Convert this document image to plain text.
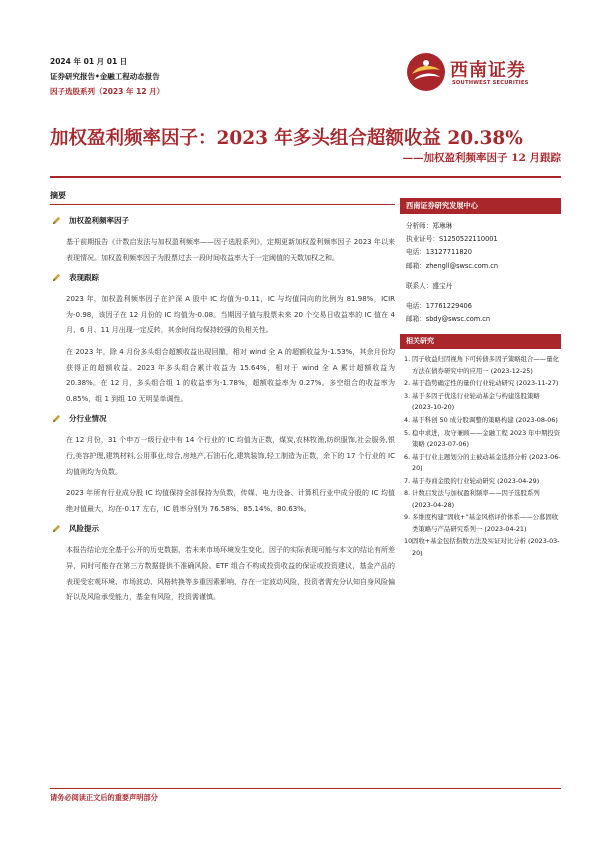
2024 年 01 月 01 日
证券研究报告•金融工程动态报告
因子选股系列（2023 年 12 月）
西南证券
SOUTHWEST SECURITIES
加权盈利频率因子：2023 年多头组合超额收益 20.38%
——加权盈利频率因子 12 月跟踪
摘要
加权盈利频率因子

基于前期报告《计数启发法与加权盈利频率——因子选股系列》，定期更新加权盈利频率因子 2023 年以来表现情况。加权盈利频率因子为股票过去一段时间收益率大于一定阈值的天数加权之和。

表现跟踪

2023 年，加权盈利频率因子在沪深 A 股中 IC 均值为-0.11，IC 与均值同向的比例为 81.98%，ICIR 为-0.98，该因子在 12 月份的 IC 均值为-0.08。当期因子值与股票未来 20 个交易日收益率的 IC 值在 4 月、6 月、11 月出现一定反转，其余时间均保持较强的负相关性。

在 2023 年，除 4 月份多头组合超额收益出现回撤，相对 wind 全 A 的超额收益为-1.53%，其余月份均获得正的超额收益。2023 年多头组合累计收益为 15.64%，相对于 wind 全 A 累计超额收益为 20.38%。在 12 月，多头组合组 1 的收益率为-1.78%，超额收益率为 0.27%。多空组合的收益率为 0.85%，组 1 到组 10 无明显单调性。

分行业情况

在 12 月份，31 个申万一级行业中有 14 个行业的 IC 均值为正数，煤炭,农林牧渔,纺织服饰,社会服务,银行,美容护理,建筑材料,公用事业,综合,房地产,石油石化,建筑装饰,轻工制造为正数，余下的 17 个行业的 IC 均值则均为负数。

2023 年所有行业成分股 IC 均值保持全部保持为负数，传媒、电力设备、计算机行业中成分股的 IC 均值绝对值最大，均在-0.17 左右，IC 胜率分别为 76.58%、85.14%、80.63%。

风险提示

本报告结论完全基于公开的历史数据，若未来市场环境发生变化，因子的实际表现可能与本文的结论有所差异，同时可能存在第三方数据提供不准确风险。ETF 组合不构成投资收益的保证或投资建议，基金产品的表现受宏观环境、市场波动、风格转换等多重因素影响，存在一定波动风险，投资者需充分认知自身风险偏好以及风险承受能力，基金有风险，投资需谨慎。

西南证券研究发展中心
分析师：郑琳琳
执业证号：S1250522110001
电话：13127711820
邮箱：zhengll@swsc.com.cn
联系人：盛宝丹
电话：17761229406
邮箱：sbdy@swsc.com.cn
相关研究
1. 因子收益归因视角下可转债多因子策略组合——量化方法在债券研究中的应用一 (2023-12-25)
2. 基于趋势确定性的量价行业轮动研究 (2023-11-27)
3. 基于多因子优选行业轮动基金与构建选股策略 (2023-10-20)
4. 基于科创 50 成分股调整的策略构建 (2023-08-06)
5. 稳中求进，攻守兼顾——金融工程 2023 年中期投资策略 (2023-07-06)
6. 基于行业主题划分的主被动基金选择分析 (2023-06-20)
7. 基于券商金股的行业轮动研究 (2023-04-29)
8. 计数启发法与加权盈利频率——因子选股系列 (2023-04-28)
9. 多维度构建“固收+”基金风格评价体系——公募固收类策略与产品研究系列一 (2023-04-21)
10.
固收+基金包括指数方法及实证对比分析 (2023-03-20)
请务必阅读正文后的重要声明部分
